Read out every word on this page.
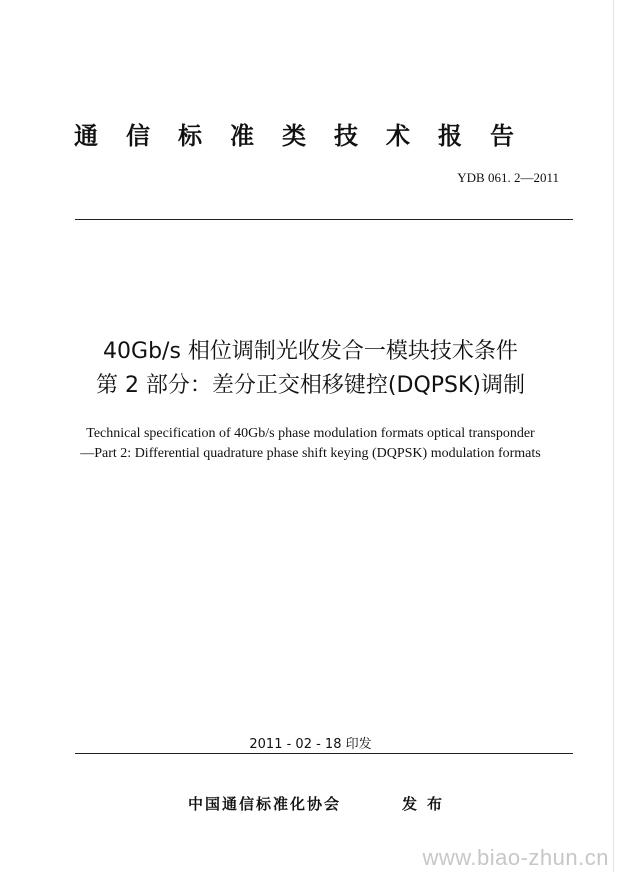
通信标准类技术报告
YDB 061. 2—2011
40Gb/s 相位调制光收发合一模块技术条件
第 2 部分：差分正交相移键控(DQPSK)调制
Technical specification of 40Gb/s phase modulation formats optical transponder
—Part 2: Differential quadrature phase shift keying (DQPSK) modulation formats
2011 - 02 - 18 印发
中国通信标准化协会	发布
www.biao-zhun.cn
